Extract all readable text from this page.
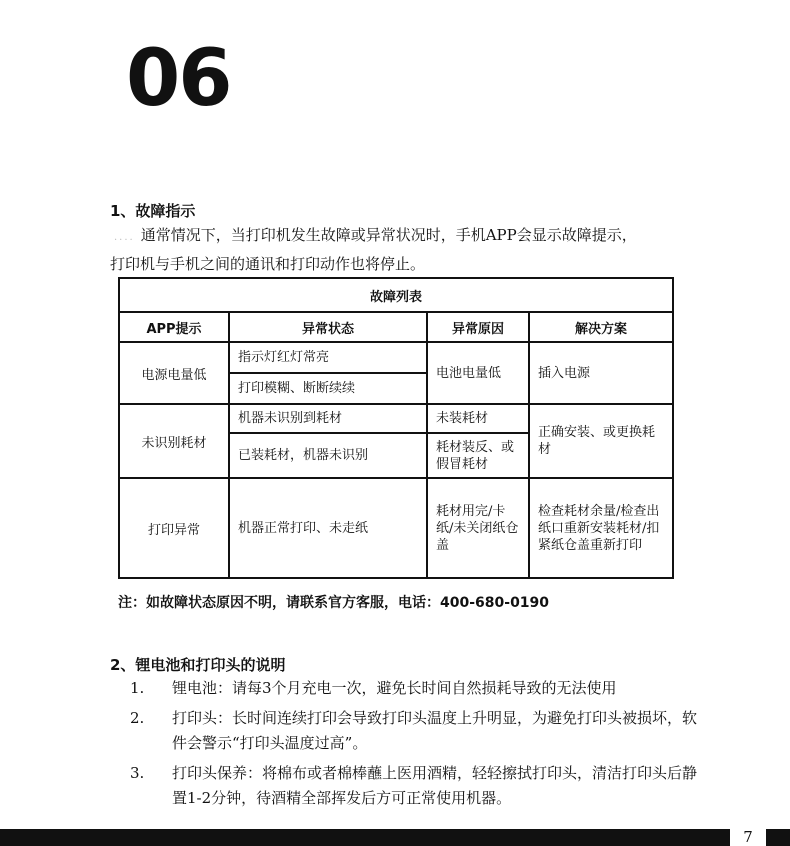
06
1、故障指示
.... 通常情况下，当打印机发生故障或异常状况时，手机APP会显示故障提示，
打印机与手机之间的通讯和打印动作也将停止。
故障列表			
APP提示	异常状态	异常原因	解决方案
电源电量低	指示灯红灯常亮	电池电量低	插入电源
	打印模糊、断断续续		
未识别耗材	机器未识别到耗材	未装耗材	正确安装、或更换耗材
	已装耗材，机器未识别	耗材装反、或假冒耗材	
打印异常	机器正常打印、未走纸	耗材用完/卡纸/未关闭纸仓盖	检查耗材余量/检查出纸口重新安装耗材/扣紧纸仓盖重新打印
注：如故障状态原因不明，请联系官方客服，电话：400-680-0190
2、锂电池和打印头的说明
1.	锂电池：请每3个月充电一次，避免长时间自然损耗导致的无法使用
2.	打印头：长时间连续打印会导致打印头温度上升明显，为避免打印头被损坏，软件会警示“打印头温度过高”。
3.	打印头保养：将棉布或者棉棒蘸上医用酒精，轻轻擦拭打印头，清洁打印头后静置1-2分钟，待酒精全部挥发后方可正常使用机器。
7
